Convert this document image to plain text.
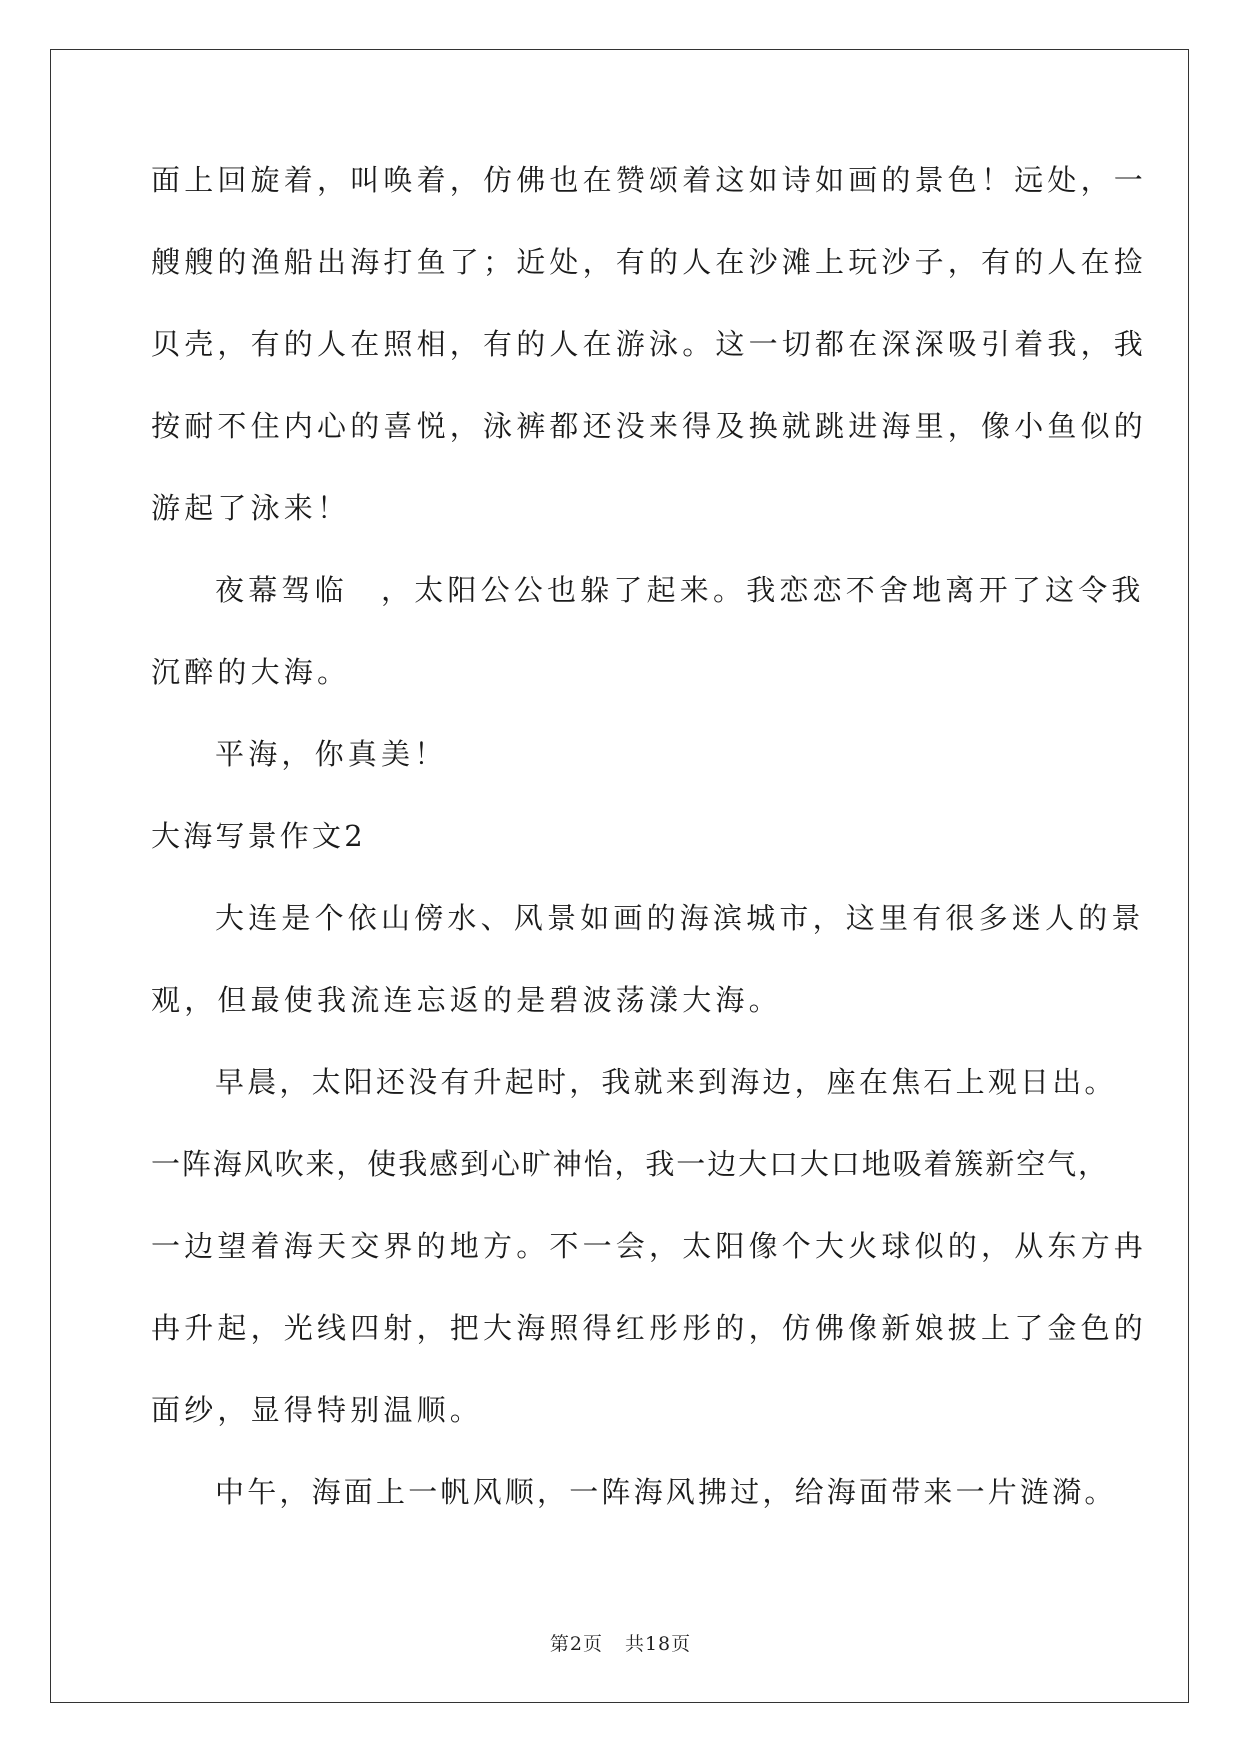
面上回旋着，叫唤着，仿佛也在赞颂着这如诗如画的景色！远处，一
艘艘的渔船出海打鱼了；近处，有的人在沙滩上玩沙子，有的人在捡
贝壳，有的人在照相，有的人在游泳。这一切都在深深吸引着我，我
按耐不住内心的喜悦，泳裤都还没来得及换就跳进海里，像小鱼似的
游起了泳来！
夜幕驾临　，太阳公公也躲了起来。我恋恋不舍地离开了这令我
沉醉的大海。
平海，你真美！
大海写景作文2
大连是个依山傍水、风景如画的海滨城市，这里有很多迷人的景
观，但最使我流连忘返的是碧波荡漾大海。
早晨，太阳还没有升起时，我就来到海边，座在焦石上观日出。
一阵海风吹来，使我感到心旷神怡，我一边大口大口地吸着簇新空气，
一边望着海天交界的地方。不一会，太阳像个大火球似的，从东方冉
冉升起，光线四射，把大海照得红彤彤的，仿佛像新娘披上了金色的
面纱，显得特别温顺。
中午，海面上一帆风顺，一阵海风拂过，给海面带来一片涟漪。
第2页 共18页
